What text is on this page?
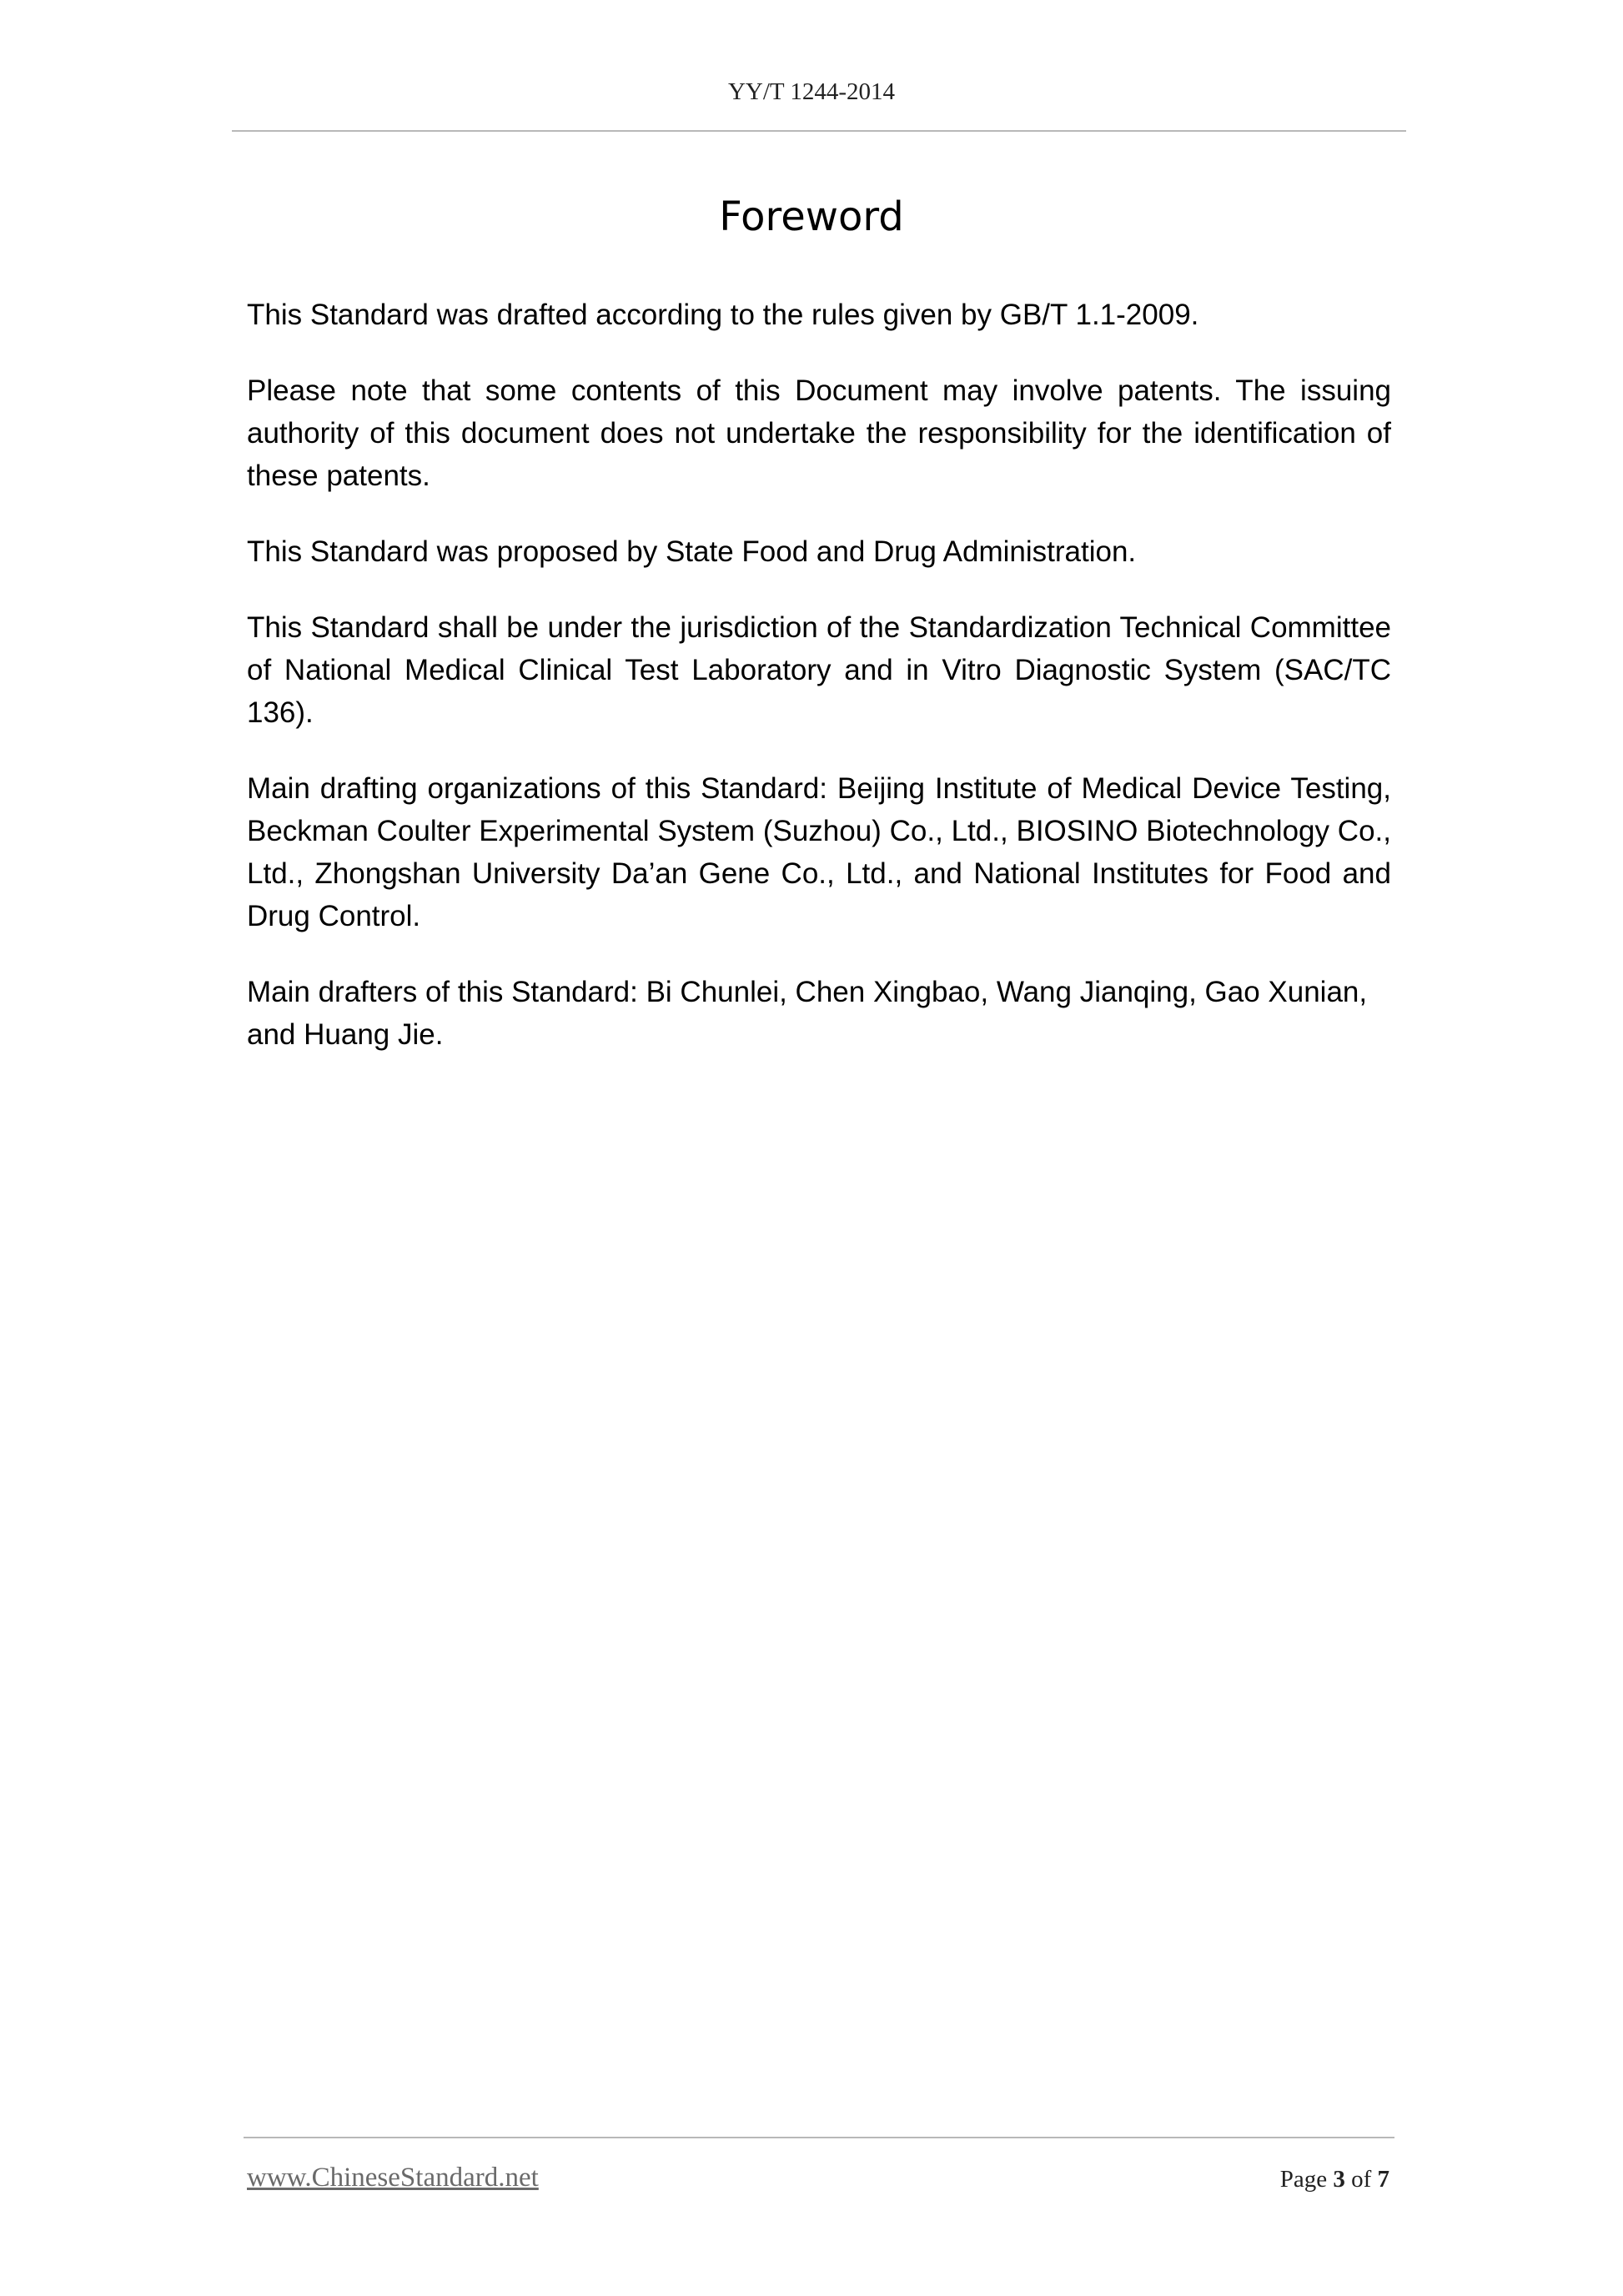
YY/T 1244-2014
Foreword

This Standard was drafted according to the rules given by GB/T 1.1-2009.

Please note that some contents of this Document may involve patents. The issuing authority of this document does not undertake the responsibility for the identification of these patents.

This Standard was proposed by State Food and Drug Administration.

This Standard shall be under the jurisdiction of the Standardization Technical Committee of National Medical Clinical Test Laboratory and in Vitro Diagnostic System (SAC/TC 136).

Main drafting organizations of this Standard: Beijing Institute of Medical Device Testing, Beckman Coulter Experimental System (Suzhou) Co., Ltd., BIOSINO Biotechnology Co., Ltd., Zhongshan University Da’an Gene Co., Ltd., and National Institutes for Food and Drug Control.

Main drafters of this Standard: Bi Chunlei, Chen Xingbao, Wang Jianqing, Gao Xunian, and Huang Jie.

www.ChineseStandard.net	Page 3 of 7
